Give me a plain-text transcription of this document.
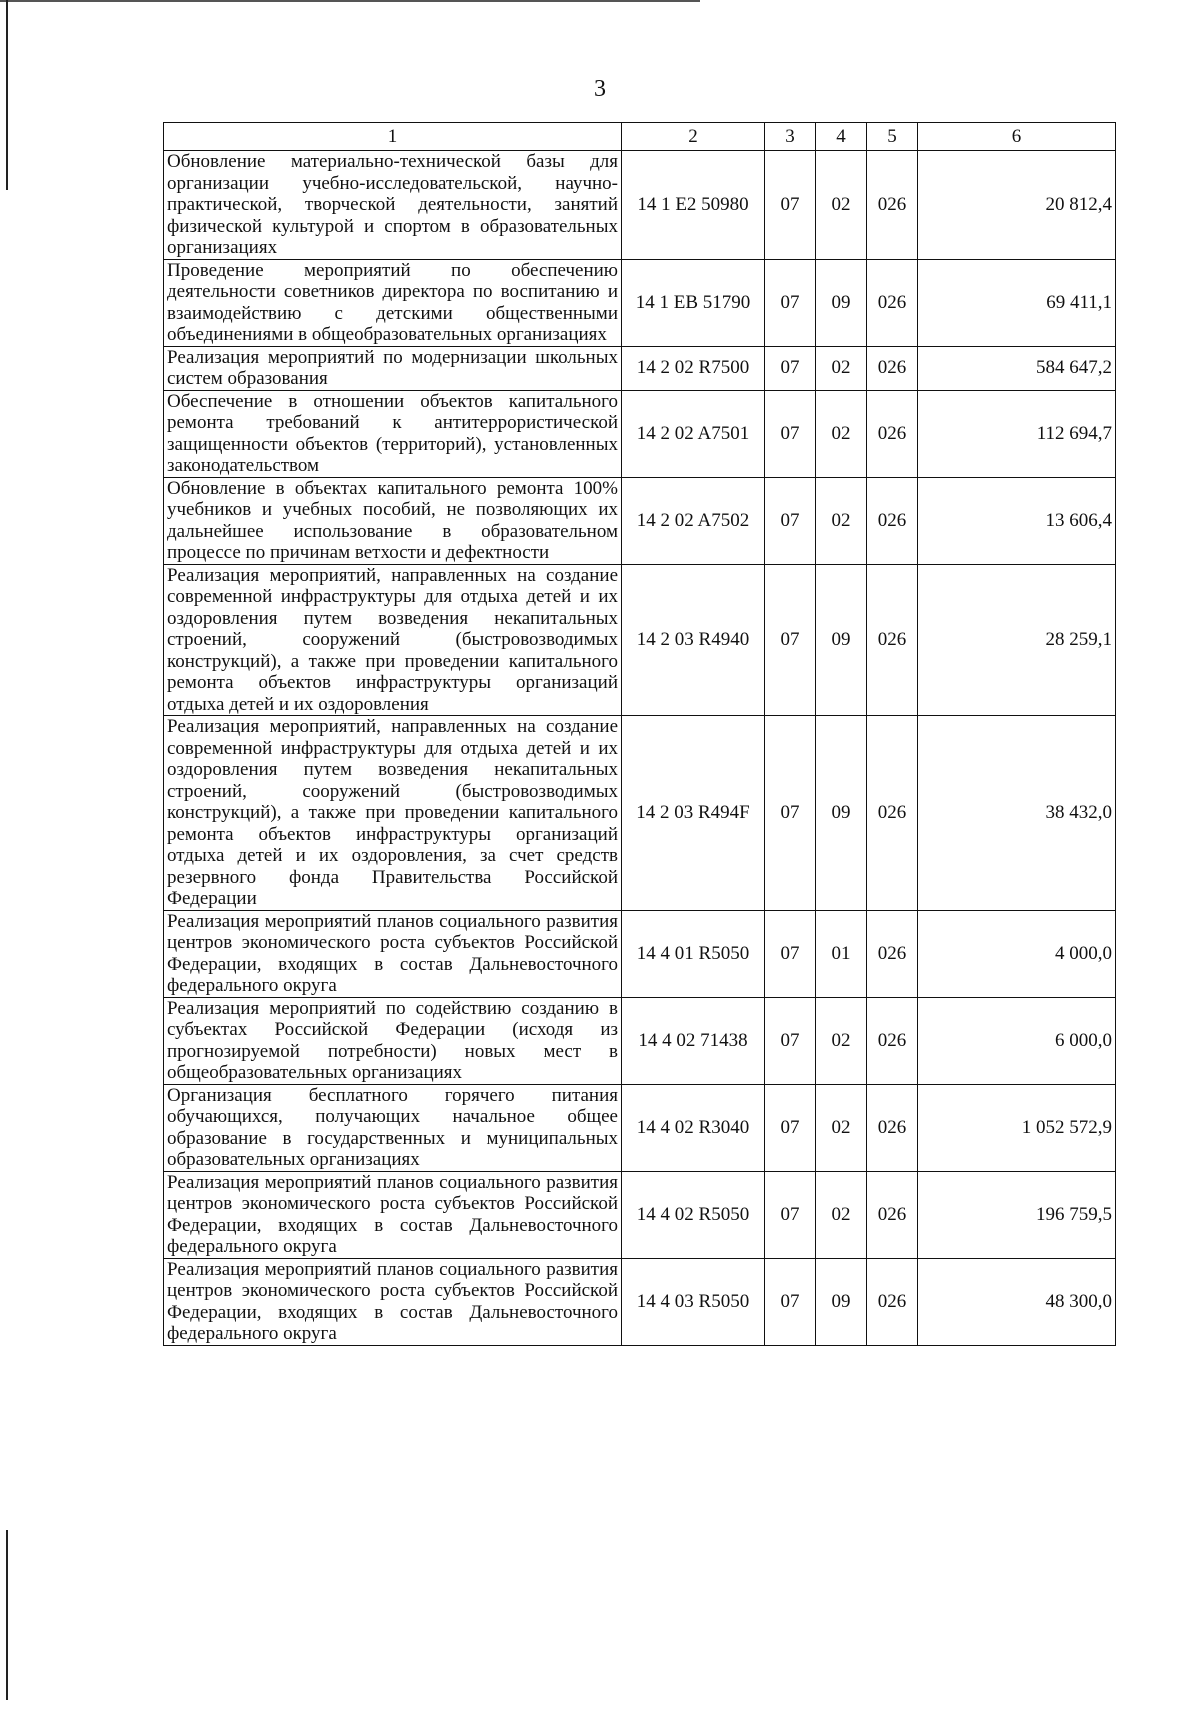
3
1	2	3	4	5	6
Обновление материально-технической базы для организации учебно-исследовательской, научно-практической, творческой деятельности, занятий физической культурой и спортом в образовательных организациях	14 1 E2 50980	07	02	026	20 812,4
Проведение мероприятий по обеспечению деятельности советников директора по воспитанию и взаимодействию с детскими общественными объединениями в общеобразовательных организациях	14 1 EB 51790	07	09	026	69 411,1
Реализация мероприятий по модернизации школьных систем образования	14 2 02 R7500	07	02	026	584 647,2
Обеспечение в отношении объектов капитального ремонта требований к антитеррористической защищенности объектов (территорий), установленных законодательством	14 2 02 A7501	07	02	026	112 694,7
Обновление в объектах капитального ремонта 100% учебников и учебных пособий, не позволяющих их дальнейшее использование в образовательном процессе по причинам ветхости и дефектности	14 2 02 A7502	07	02	026	13 606,4
Реализация мероприятий, направленных на создание современной инфраструктуры для отдыха детей и их оздоровления путем возведения некапитальных строений, сооружений (быстровозводимых конструкций), а также при проведении капитального ремонта объектов инфраструктуры организаций отдыха детей и их оздоровления	14 2 03 R4940	07	09	026	28 259,1
Реализация мероприятий, направленных на создание современной инфраструктуры для отдыха детей и их оздоровления путем возведения некапитальных строений, сооружений (быстровозводимых конструкций), а также при проведении капитального ремонта объектов инфраструктуры организаций отдыха детей и их оздоровления, за счет средств резервного фонда Правительства Российской Федерации	14 2 03 R494F	07	09	026	38 432,0
Реализация мероприятий планов социального развития центров экономического роста субъектов Российской Федерации, входящих в состав Дальневосточного федерального округа	14 4 01 R5050	07	01	026	4 000,0
Реализация мероприятий по содействию созданию в субъектах Российской Федерации (исходя из прогнозируемой потребности) новых мест в общеобразовательных организациях	14 4 02 71438	07	02	026	6 000,0
Организация бесплатного горячего питания обучающихся, получающих начальное общее образование в государственных и муниципальных образовательных организациях	14 4 02 R3040	07	02	026	1 052 572,9
Реализация мероприятий планов социального развития центров экономического роста субъектов Российской Федерации, входящих в состав Дальневосточного федерального округа	14 4 02 R5050	07	02	026	196 759,5
Реализация мероприятий планов социального развития центров экономического роста субъектов Российской Федерации, входящих в состав Дальневосточного федерального округа	14 4 03 R5050	07	09	026	48 300,0
